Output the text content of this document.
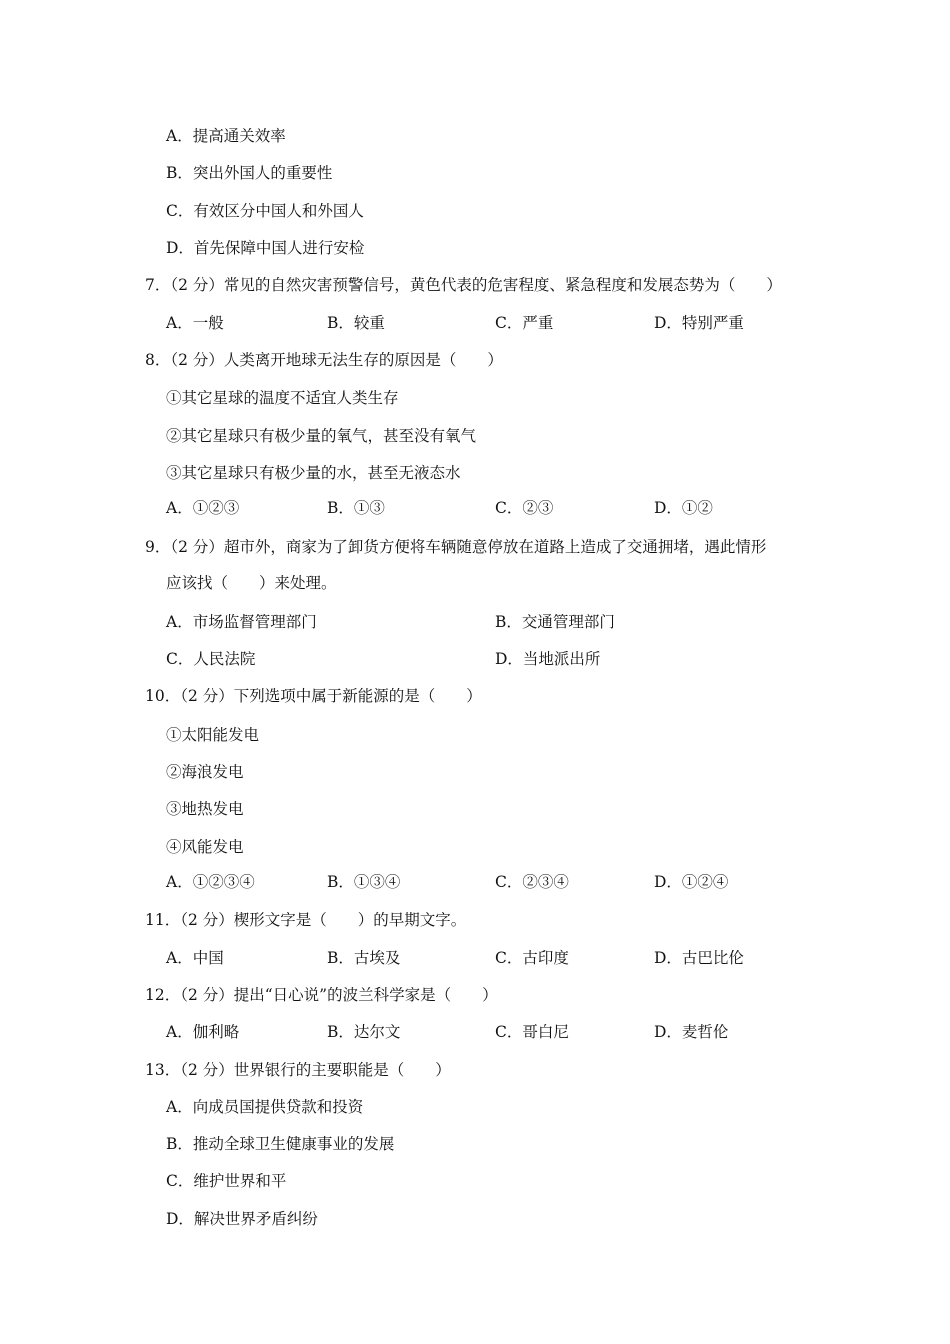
A．提高通关效率
B．突出外国人的重要性
C．有效区分中国人和外国人
D．首先保障中国人进行安检
7．（2 分）常见的自然灾害预警信号，黄色代表的危害程度、紧急程度和发展态势为（　　）
A．一般	B．较重	C．严重	D．特别严重
8．（2 分）人类离开地球无法生存的原因是（　　）
①其它星球的温度不适宜人类生存
②其它星球只有极少量的氧气，甚至没有氧气
③其它星球只有极少量的水，甚至无液态水
A．①②③	B．①③	C．②③	D．①②
9．（2 分）超市外，商家为了卸货方便将车辆随意停放在道路上造成了交通拥堵，遇此情形
应该找（　　）来处理。
A．市场监督管理部门	B．交通管理部门
C．人民法院	D．当地派出所
10．（2 分）下列选项中属于新能源的是（　　）
①太阳能发电
②海浪发电
③地热发电
④风能发电
A．①②③④	B．①③④	C．②③④	D．①②④
11．（2 分）楔形文字是（　　）的早期文字。
A．中国	B．古埃及	C．古印度	D．古巴比伦
12．（2 分）提出“日心说”的波兰科学家是（　　）
A．伽利略	B．达尔文	C．哥白尼	D．麦哲伦
13．（2 分）世界银行的主要职能是（　　）
A．向成员国提供贷款和投资
B．推动全球卫生健康事业的发展
C．维护世界和平
D．解决世界矛盾纠纷
